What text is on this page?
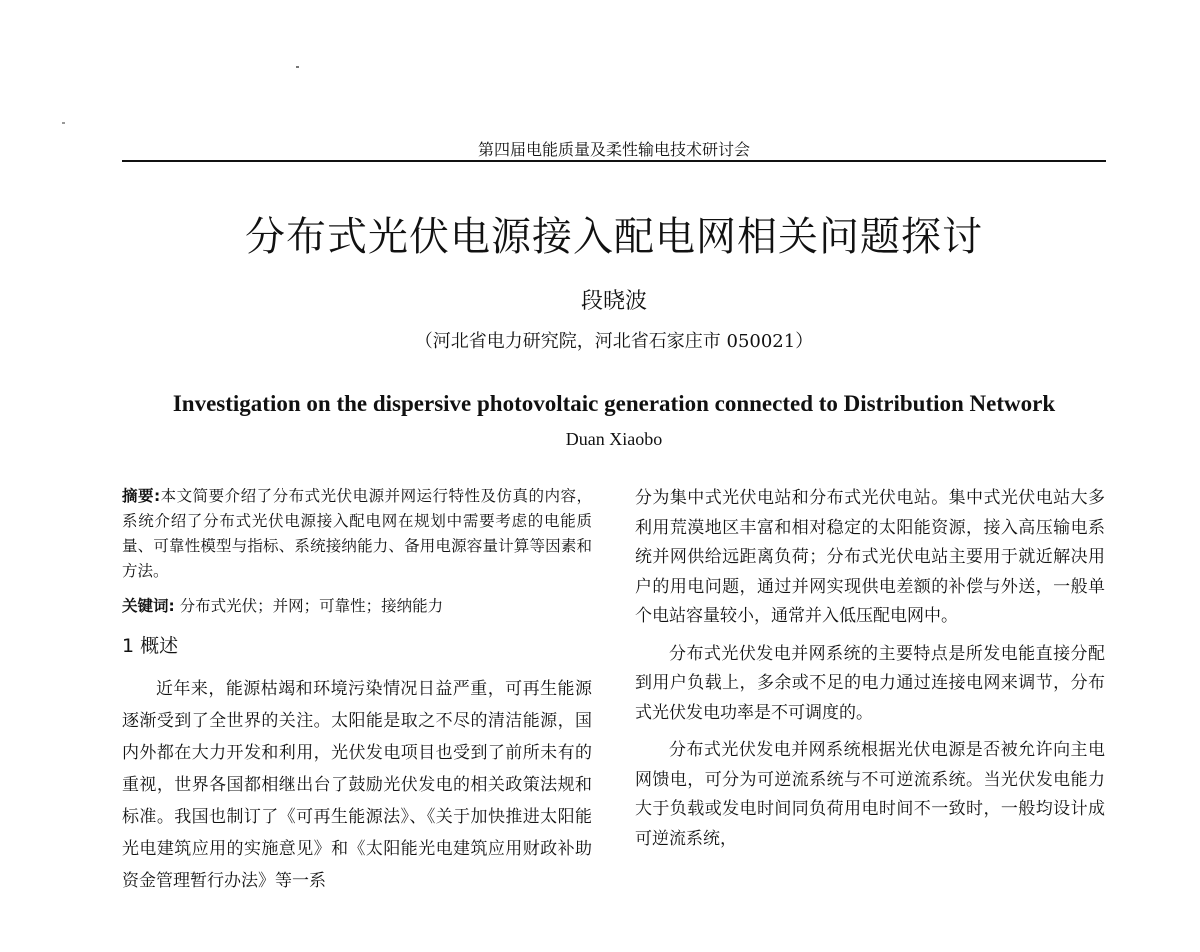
第四届电能质量及柔性输电技术研讨会
分布式光伏电源接入配电网相关问题探讨
段晓波
（河北省电力研究院，河北省石家庄市 050021）
Investigation on the dispersive photovoltaic generation connected to Distribution Network
Duan Xiaobo

摘要:本文简要介绍了分布式光伏电源并网运行特性及仿真的内容，系统介绍了分布式光伏电源接入配电网在规划中需要考虑的电能质量、可靠性模型与指标、系统接纳能力、备用电源容量计算等因素和方法。

关键词: 分布式光伏；并网；可靠性；接纳能力

1 概述

近年来，能源枯竭和环境污染情况日益严重，可再生能源逐渐受到了全世界的关注。太阳能是取之不尽的清洁能源，国内外都在大力开发和利用，光伏发电项目也受到了前所未有的重视，世界各国都相继出台了鼓励光伏发电的相关政策法规和标准。我国也制订了《可再生能源法》、《关于加快推进太阳能光电建筑应用的实施意见》和《太阳能光电建筑应用财政补助资金管理暂行办法》等一系

分为集中式光伏电站和分布式光伏电站。集中式光伏电站大多利用荒漠地区丰富和相对稳定的太阳能资源，接入高压输电系统并网供给远距离负荷；分布式光伏电站主要用于就近解决用户的用电问题，通过并网实现供电差额的补偿与外送，一般单个电站容量较小，通常并入低压配电网中。

分布式光伏发电并网系统的主要特点是所发电能直接分配到用户负载上，多余或不足的电力通过连接电网来调节，分布式光伏发电功率是不可调度的。

分布式光伏发电并网系统根据光伏电源是否被允许向主电网馈电，可分为可逆流系统与不可逆流系统。当光伏发电能力大于负载或发电时间同负荷用电时间不一致时，一般均设计成可逆流系统，
